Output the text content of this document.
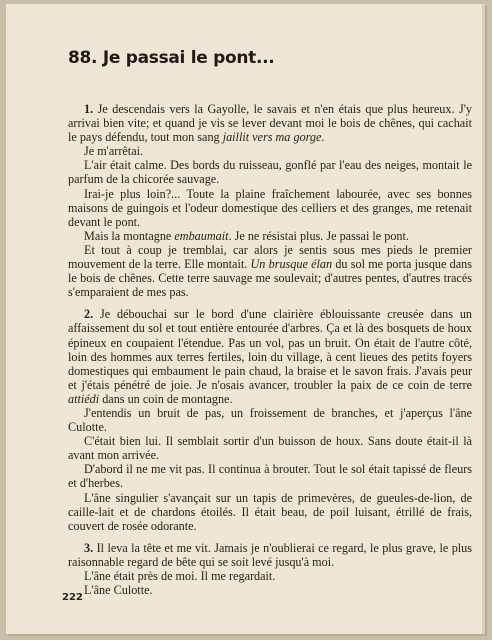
88. Je passai le pont...

1. Je descendais vers la Gayolle, le savais et n'en étais que plus heureux. J'y arrivai bien vite; et quand je vis se lever devant moi le bois de chênes, qui cachait le pays défendu, tout mon sang jaillit vers ma gorge.

Je m'arrêtai.

L'air était calme. Des bords du ruisseau, gonflé par l'eau des neiges, montait le parfum de la chicorée sauvage.

Irai-je plus loin?... Toute la plaine fraîchement labourée, avec ses bonnes maisons de guingois et l'odeur domestique des celliers et des granges, me retenait devant le pont.

Mais la montagne embaumait. Je ne résistai plus. Je passai le pont.

Et tout à coup je tremblai, car alors je sentis sous mes pieds le premier mouvement de la terre. Elle montait. Un brusque élan du sol me porta jusque dans le bois de chênes. Cette terre sauvage me soulevait; d'autres pentes, d'autres tracés s'emparaient de mes pas.

2. Je débouchai sur le bord d'une clairière éblouissante creusée dans un affaissement du sol et tout entière entourée d'arbres. Ça et là des bosquets de houx épineux en coupaient l'étendue. Pas un vol, pas un bruit. On était de l'autre côté, loin des hommes aux terres fertiles, loin du village, à cent lieues des petits foyers domestiques qui embaument le pain chaud, la braise et le savon frais. J'avais peur et j'étais pénétré de joie. Je n'osais avancer, troubler la paix de ce coin de terre attiédi dans un coin de montagne.

J'entendis un bruit de pas, un froissement de branches, et j'aperçus l'âne Culotte.

C'était bien lui. Il semblait sortir d'un buisson de houx. Sans doute était-il là avant mon arrivée.

D'abord il ne me vit pas. Il continua à brouter. Tout le sol était tapissé de fleurs et d'herbes.

L'âne singulier s'avançait sur un tapis de primevères, de gueules-de-lion, de caille-lait et de chardons étoilés. Il était beau, de poil luisant, étrillé de frais, couvert de rosée odorante.

3. Il leva la tête et me vit. Jamais je n'oublierai ce regard, le plus grave, le plus raisonnable regard de bête qui se soit levé jusqu'à moi.

L'âne était près de moi. Il me regardait.

L'âne Culotte.

222
